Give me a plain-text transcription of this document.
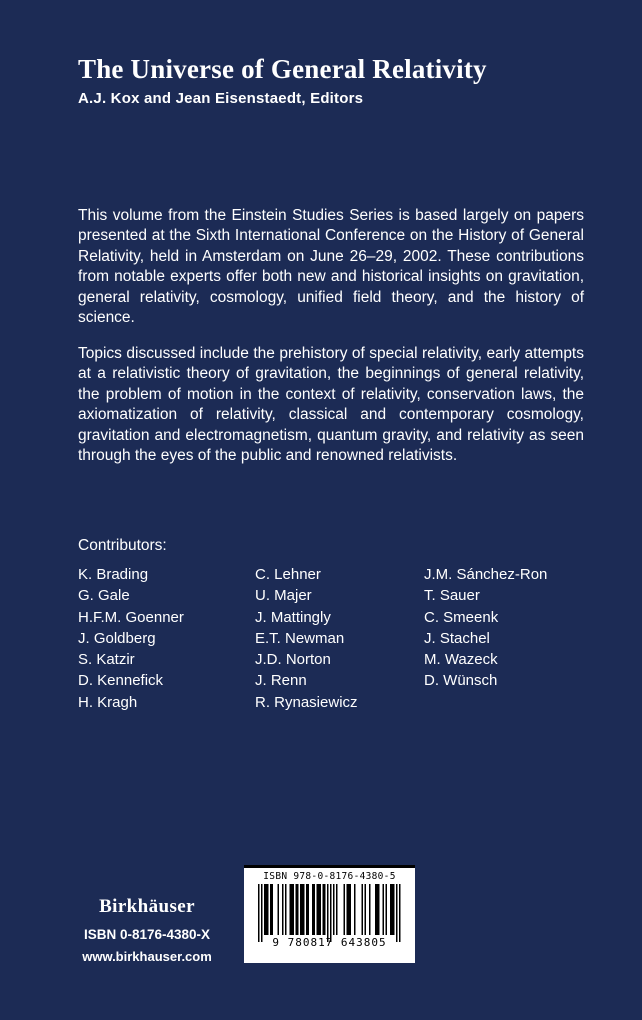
The Universe of General Relativity
A.J. Kox and Jean Eisenstaedt, Editors

This volume from the Einstein Studies Series is based largely on papers presented at the Sixth International Conference on the History of General Relativity, held in Amsterdam on June 26–29, 2002. These contributions from notable experts offer both new and historical insights on gravitation, general relativity, cosmology, unified field theory, and the history of science.

Topics discussed include the prehistory of special relativity, early attempts at a relativistic theory of gravitation, the beginnings of general relativity, the problem of motion in the context of relativity, conservation laws, the axiomatization of relativity, classical and contemporary cosmology, gravitation and electromagnetism, quantum gravity, and relativity as seen through the eyes of the public and renowned relativists.

Contributors:
K. Brading
G. Gale
H.F.M. Goenner
J. Goldberg
S. Katzir
D. Kennefick
H. Kragh
C. Lehner
U. Majer
J. Mattingly
E.T. Newman
J.D. Norton
J. Renn
R. Rynasiewicz
J.M. Sánchez-Ron
T. Sauer
C. Smeenk
J. Stachel
M. Wazeck
D. Wünsch
Birkhäuser
ISBN 0-8176-4380-X
www.birkhauser.com
ISBN 978-0-8176-4380-5
9 780817 643805
